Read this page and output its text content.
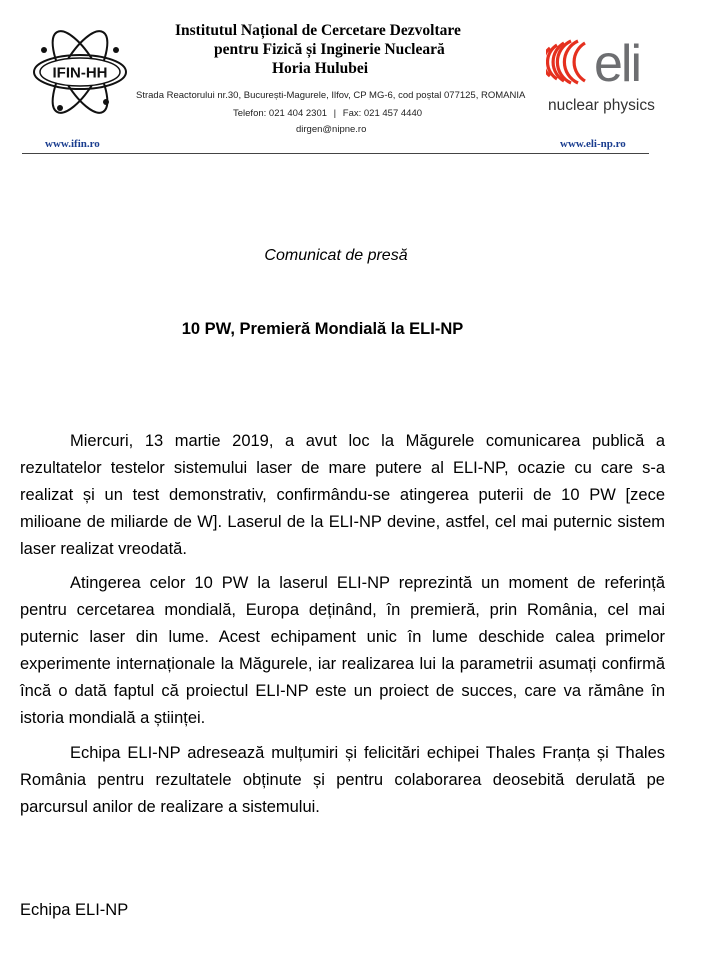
IFIN-HH
Institutul Național de Cercetare Dezvoltare
pentru Fizică și Inginerie Nucleară
Horia Hulubei
Strada Reactorului nr.30, București-Magurele, Ilfov, CP MG-6, cod poștal 077125, ROMANIA
Telefon: 021 404 2301 | Fax: 021 457 4440
dirgen@nipne.ro
eli
nuclear physics
www.ifin.ro	www.eli-np.ro
Comunicat de presă
10 PW, Premieră Mondială la ELI-NP

Miercuri, 13 martie 2019, a avut loc la Măgurele comunicarea publică a rezultatelor testelor sistemului laser de mare putere al ELI-NP, ocazie cu care s-a realizat și un test demonstrativ, confirmându-se atingerea puterii de 10 PW [zece milioane de miliarde de W]. Laserul de la ELI-NP devine, astfel, cel mai puternic sistem laser realizat vreodată.

Atingerea celor 10 PW la laserul ELI-NP reprezintă un moment de referință pentru cercetarea mondială, Europa deținând, în premieră, prin România, cel mai puternic laser din lume. Acest echipament unic în lume deschide calea primelor experimente internaționale la Măgurele, iar realizarea lui la parametrii asumați confirmă încă o dată faptul că proiectul ELI-NP este un proiect de succes, care va rămâne în istoria mondială a științei.

Echipa ELI-NP adresează mulțumiri și felicitări echipei Thales Franța și Thales România pentru rezultatele obținute și pentru colaborarea deosebită derulată pe parcursul anilor de realizare a sistemului.

Echipa ELI-NP
